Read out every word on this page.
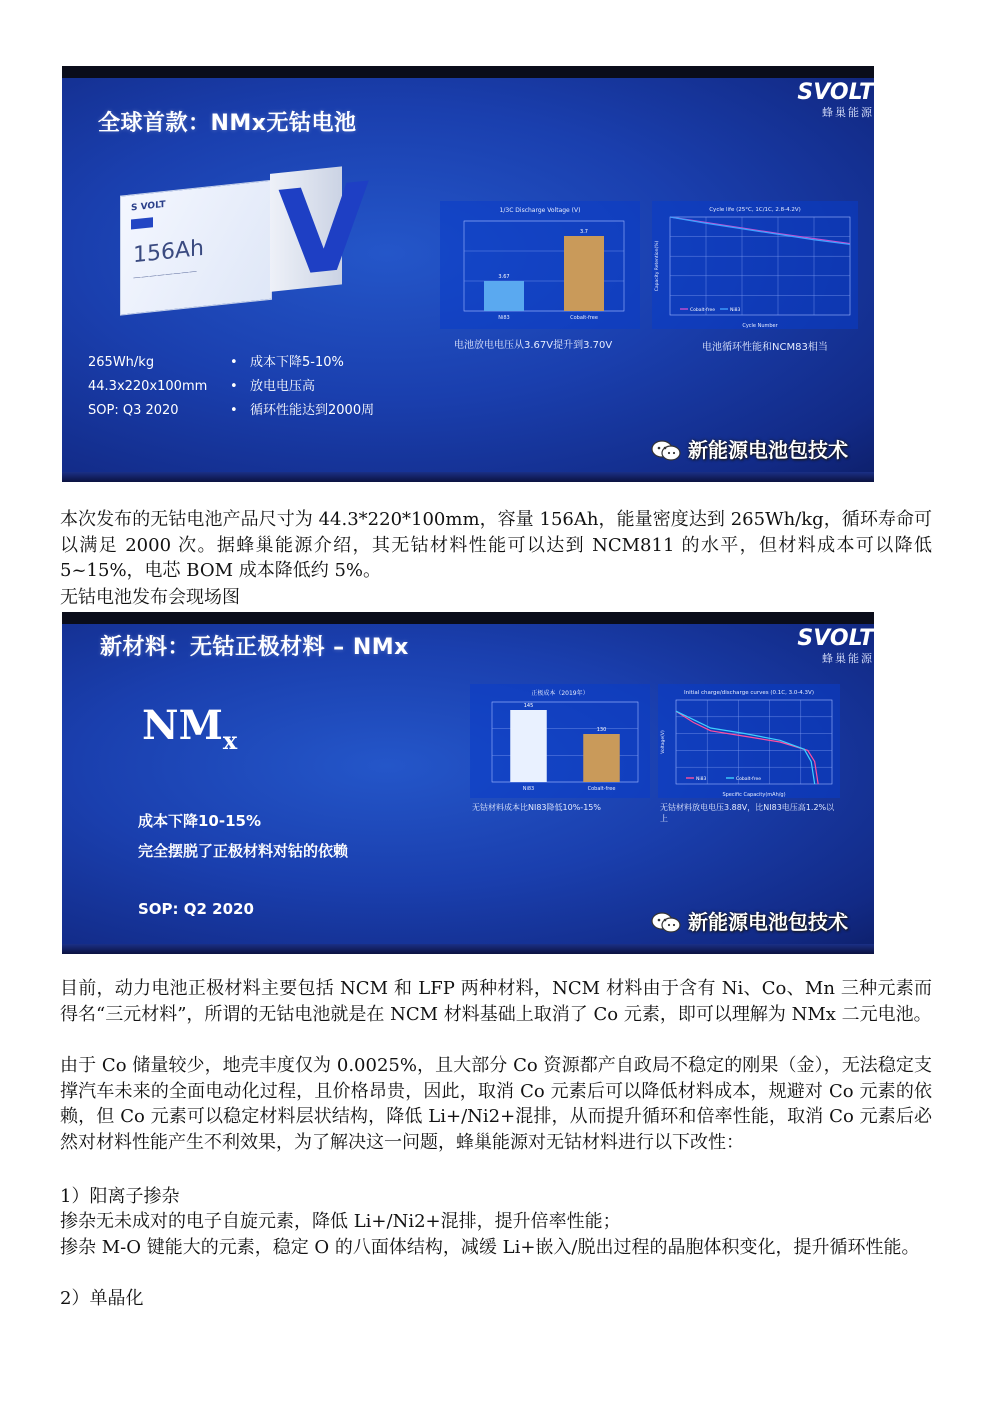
全球首款：NMx无钴电池
SVOLT
蜂巢能源
S VOLT
156Ah
———————— V
265Wh/kg
44.3x220x100mm
SOP: Q3 2020
• 成本下降5-10%
• 放电电压高
• 循环性能达到2000周
1/3C Discharge Voltage (V)
3.67
Ni83
3.7
Cobalt-free
电池放电电压从3.67V提升到3.70V
Cycle life (25°C, 1C/1C, 2.8-4.2V)
Cobalt-free	Ni83
Cycle Number
Capacity Retention(%)
电池循环性能和NCM83相当
新能源电池包技术

本次发布的无钴电池产品尺寸为 44.3*220*100mm，容量 156Ah，能量密度达到 265Wh/kg，循环寿命可以满足 2000 次。据蜂巢能源介绍，其无钴材料性能可以达到 NCM811 的水平，但材料成本可以降低 5~15%，电芯 BOM 成本降低约 5%。

无钴电池发布会现场图

新材料：无钴正极材料 – NMx	SVOLT
蜂巢能源
$NM_x$
成本下降10-15%
完全摆脱了正极材料对钴的依赖
SOP: Q2 2020
正极成本（2019年）
145
Ni83
130
Cobalt-free
无钴材料成本比NI83降低10%-15%
Initial charge/discharge curves (0.1C, 3.0-4.3V)
Ni83	Cobalt-free
Specific Capacity(mAh/g)
Voltage(V)
无钴材料放电电压3.88V，比NI83电压高1.2%以上
新能源电池包技术

目前，动力电池正极材料主要包括 NCM 和 LFP 两种材料，NCM 材料由于含有 Ni、Co、Mn 三种元素而得名“三元材料”，所谓的无钴电池就是在 NCM 材料基础上取消了 Co 元素，即可以理解为 NMx 二元电池。

由于 Co 储量较少，地壳丰度仅为 0.0025%，且大部分 Co 资源都产自政局不稳定的刚果（金），无法稳定支撑汽车未来的全面电动化过程，且价格昂贵，因此，取消 Co 元素后可以降低材料成本，规避对 Co 元素的依赖，但 Co 元素可以稳定材料层状结构，降低 Li+/Ni2+混排，从而提升循环和倍率性能，取消 Co 元素后必然对材料性能产生不利效果，为了解决这一问题，蜂巢能源对无钴材料进行以下改性：

1）阳离子掺杂

掺杂无未成对的电子自旋元素，降低 Li+/Ni2+混排，提升倍率性能；

掺杂 M-O 键能大的元素，稳定 O 的八面体结构，减缓 Li+嵌入/脱出过程的晶胞体积变化，提升循环性能。

2）单晶化
